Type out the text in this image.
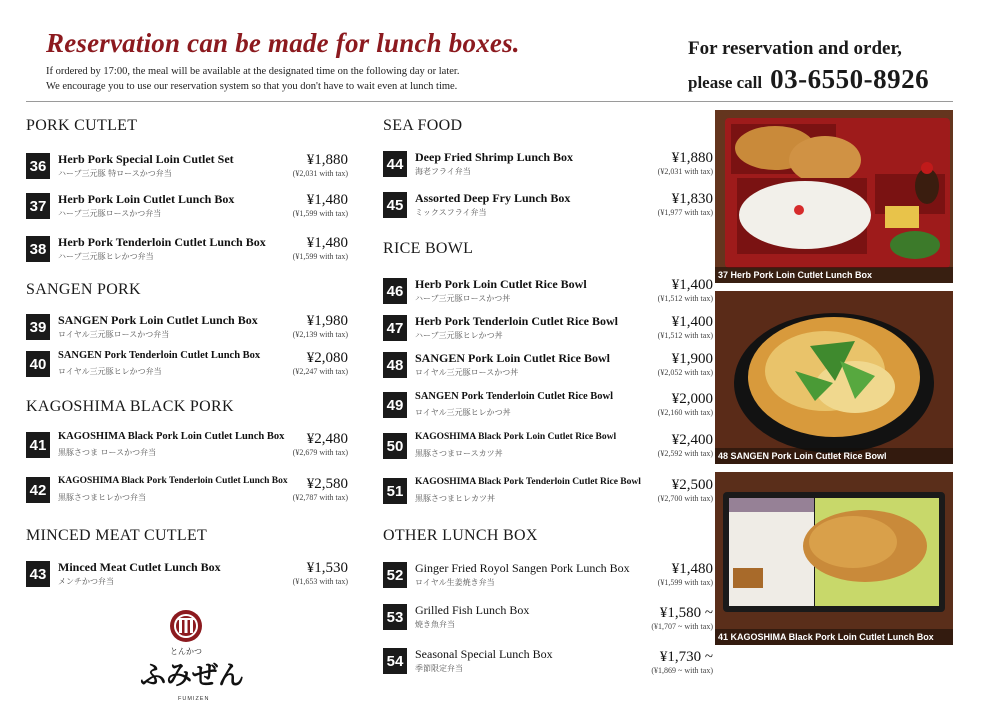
Reservation can be made for lunch boxes.
If ordered by 17:00, the meal will be available at the designated time on the following day or later.
We encourage you to use our reservation system so that you don't have to wait even at lunch time.
For reservation and order,
please call 03-6550-8926
PORK CUTLET
36 Herb Pork Special Loin Cutlet Set
ハーブ三元豚 特ロースかつ弁当
¥1,880
(¥2,031 with tax)
37 Herb Pork Loin Cutlet Lunch Box
ハーブ三元豚ロースかつ弁当
¥1,480
(¥1,599 with tax)
38 Herb Pork Tenderloin Cutlet Lunch Box
ハーブ三元豚ヒレかつ弁当
¥1,480
(¥1,599 with tax)
SANGEN PORK
39 SANGEN Pork Loin Cutlet Lunch Box
ロイヤル三元豚ロースかつ弁当
¥1,980
(¥2,139 with tax)
40	SANGEN Pork Tenderloin Cutlet Lunch Box
ロイヤル三元豚ヒレかつ弁当
¥2,080
(¥2,247 with tax)
KAGOSHIMA BLACK PORK
41	KAGOSHIMA Black Pork Loin Cutlet Lunch Box
黒豚さつま ロースかつ弁当
¥2,480
(¥2,679 with tax)
42
KAGOSHIMA Black Pork Tenderloin Cutlet Lunch Box
黒豚さつまヒレかつ弁当
¥2,580
(¥2,787 with tax)
MINCED MEAT CUTLET
43 Minced Meat Cutlet Lunch Box
メンチかつ弁当
¥1,530
(¥1,653 with tax)
とんかつ
ふみぜん
FUMIZEN
SEA FOOD
44 Deep Fried Shrimp Lunch Box
海老フライ弁当
¥1,880
(¥2,031 with tax)
45 Assorted Deep Fry Lunch Box
ミックスフライ弁当
¥1,830
(¥1,977 with tax)
RICE BOWL
46 Herb Pork Loin Cutlet Rice Bowl
ハーブ三元豚ロースかつ丼
¥1,400
(¥1,512 with tax)
47 Herb Pork Tenderloin Cutlet Rice Bowl
ハーブ三元豚ヒレかつ丼
¥1,400
(¥1,512 with tax)
48 SANGEN Pork Loin Cutlet Rice Bowl
ロイヤル三元豚ロースかつ丼
¥1,900
(¥2,052 with tax)
49	SANGEN Pork Tenderloin Cutlet Rice Bowl
ロイヤル三元豚ヒレかつ丼
¥2,000
(¥2,160 with tax)
50
KAGOSHIMA Black Pork Loin Cutlet Rice Bowl
黒豚さつまロースカツ丼
¥2,400
(¥2,592 with tax)
51
KAGOSHIMA Black Pork Tenderloin Cutlet Rice Bowl
黒豚さつまヒレカツ丼
¥2,500
(¥2,700 with tax)
OTHER LUNCH BOX
52 Ginger Fried Royol Sangen Pork Lunch Box
ロイヤル生姜焼き弁当
¥1,480
(¥1,599 with tax)
53 Grilled Fish Lunch Box
焼き魚弁当
¥1,580 ~
(¥1,707 ~ with tax)
54 Seasonal Special Lunch Box
季節限定弁当
¥1,730 ~
(¥1,869 ~ with tax)
37 Herb Pork Loin Cutlet Lunch Box
48 SANGEN Pork Loin Cutlet Rice Bowl
41 KAGOSHIMA Black Pork Loin Cutlet Lunch Box
